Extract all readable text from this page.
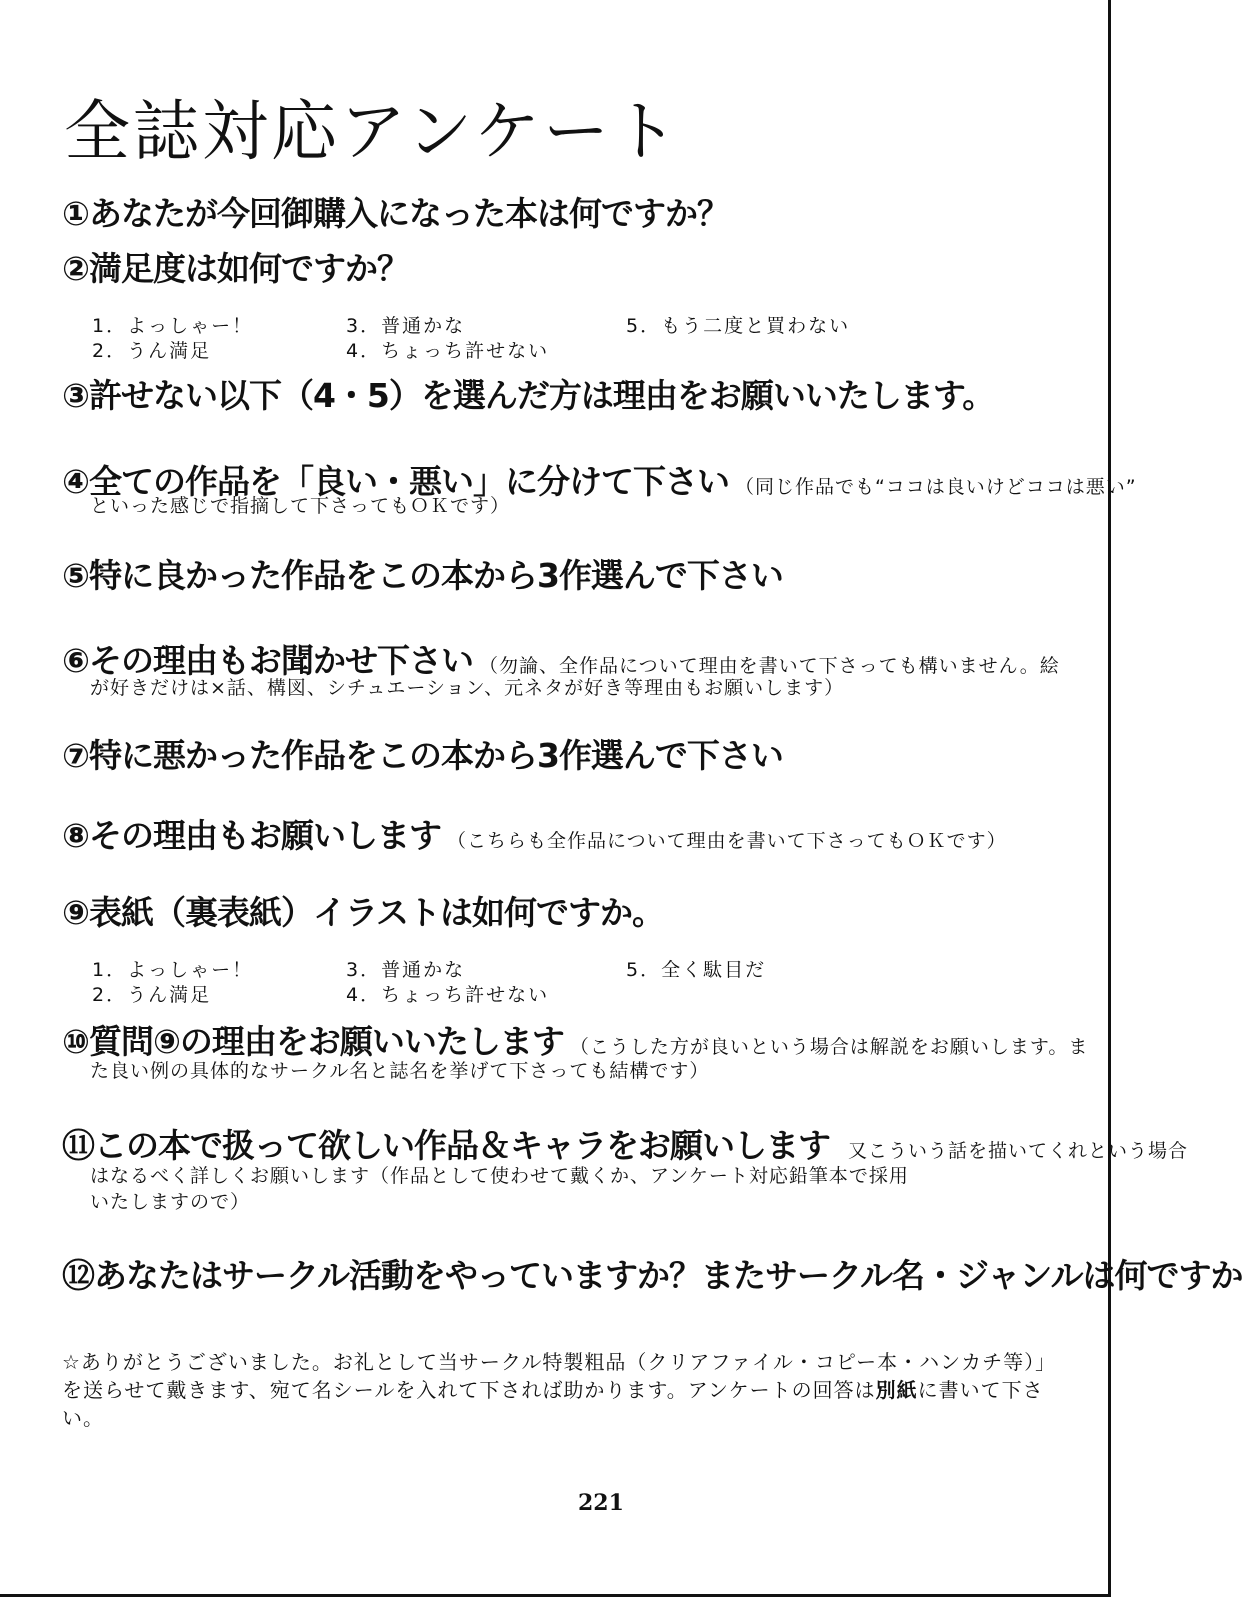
全誌対応アンケート
①あなたが今回御購入になった本は何ですか？
②満足度は如何ですか？
1．よっしゃー！
2．うん満足
3．普通かな
4．ちょっち許せない
5．もう二度と買わない
③許せない以下（4・5）を選んだ方は理由をお願いいたします。
④全ての作品を「良い・悪い」に分けて下さい （同じ作品でも“ココは良いけどココは悪い”
といった感じで指摘して下さってもＯＫです）
⑤特に良かった作品をこの本から3作選んで下さい
⑥その理由もお聞かせ下さい （勿論、全作品について理由を書いて下さっても構いません。絵
が好きだけは×話、構図、シチュエーション、元ネタが好き等理由もお願いします）
⑦特に悪かった作品をこの本から3作選んで下さい
⑧その理由もお願いします （こちらも全作品について理由を書いて下さってもＯＫです）
⑨表紙（裏表紙）イラストは如何ですか。
1．よっしゃー！
2．うん満足
3．普通かな
4．ちょっち許せない
5．全く駄目だ
⑩質問⑨の理由をお願いいたします （こうした方が良いという場合は解説をお願いします。ま
た良い例の具体的なサークル名と誌名を挙げて下さっても結構です）
⑪この本で扱って欲しい作品＆キャラをお願いします 又こういう話を描いてくれという場合
はなるべく詳しくお願いします（作品として使わせて戴くか、アンケート対応鉛筆本で採用
いたしますので）
⑫あなたはサークル活動をやっていますか？またサークル名・ジャンルは何ですか
☆ありがとうございました。お礼として当サークル特製粗品（クリアファイル・コピー本・ハンカチ等）」を送らせて戴きます、宛て名シールを入れて下されば助かります。アンケートの回答は別紙に書いて下さい。
221
